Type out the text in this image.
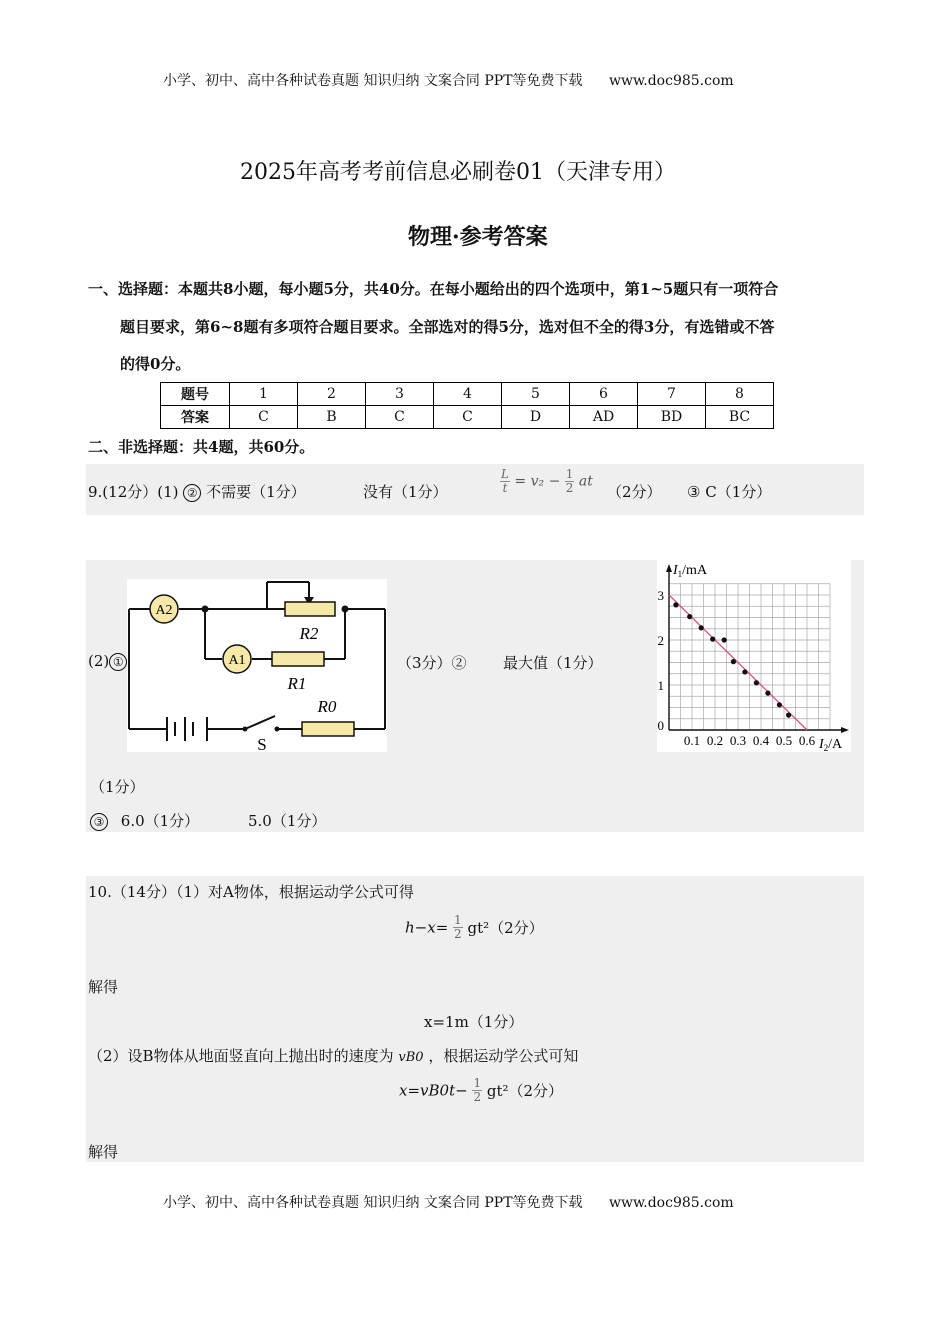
小学、初中、高中各种试卷真题 知识归纳 文案合同 PPT等免费下载 www.doc985.com
2025年高考考前信息必刷卷01（天津专用）
物理·参考答案
一、选择题：本题共8小题，每小题5分，共40分。在每小题给出的四个选项中，第1~5题只有一项符合
题目要求，第6~8题有多项符合题目要求。全部选对的得5分，选对但不全的得3分，有选错或不答
的得0分。
题号	1	2	3	4	5	6	7	8
答案	C	B	C	C	D	AD	BD	BC
二、非选择题：共4题，共60分。
9.(12分）(1) ② 不需要（1分）	没有（1分）	$\frac{L}{t} = v_2 - \frac{1}{2}$ at
（2分） ③ C（1分）
(2) ①
A2
A1
R2
R1
R0
S
（3分）② 最大值（1分）
0.1 0.2 0.3 0.4 0.5 0.6
0
1
2
3
$I_1/mA$
$I_2/A$
（1分）
③ 6.0（1分）	5.0（1分）
10.（14分）（1）对A物体，根据运动学公式可得
$h-x= \frac{1}{2} gt^2(2$分）
解得
x=1m（1分）
（2）设B物体从地面竖直向上抛出时的速度为 vB0 ，根据运动学公式可知
$x=vB0t- \frac{1}{2} gt^2(2$分）
解得
小学、初中、高中各种试卷真题 知识归纳 文案合同 PPT等免费下载 www.doc985.com
